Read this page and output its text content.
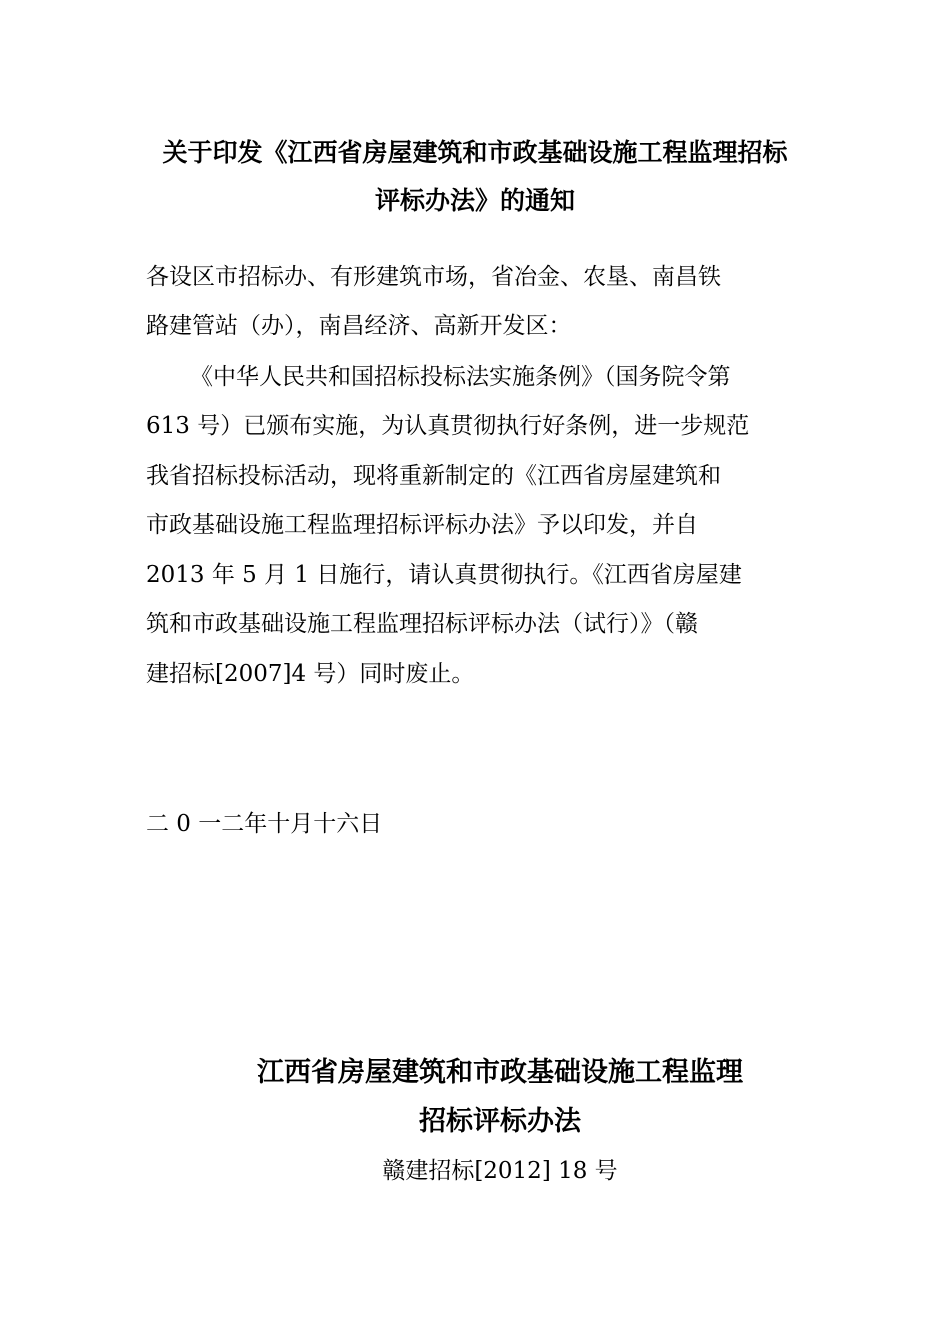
关于印发《江西省房屋建筑和市政基础设施工程监理招标
评标办法》的通知
各设区市招标办、有形建筑市场，省冶金、农垦、南昌铁
路建管站（办），南昌经济、高新开发区：
《中华人民共和国招标投标法实施条例》（国务院令第
613 号）已颁布实施，为认真贯彻执行好条例，进一步规范
我省招标投标活动，现将重新制定的《江西省房屋建筑和
市政基础设施工程监理招标评标办法》予以印发，并自
2013 年 5 月 1 日施行，请认真贯彻执行。《江西省房屋建
筑和市政基础设施工程监理招标评标办法（试行）》（赣
建招标[2007]4 号）同时废止。
二 0 一二年十月十六日
江西省房屋建筑和市政基础设施工程监理
招标评标办法
赣建招标[2012] 18 号
